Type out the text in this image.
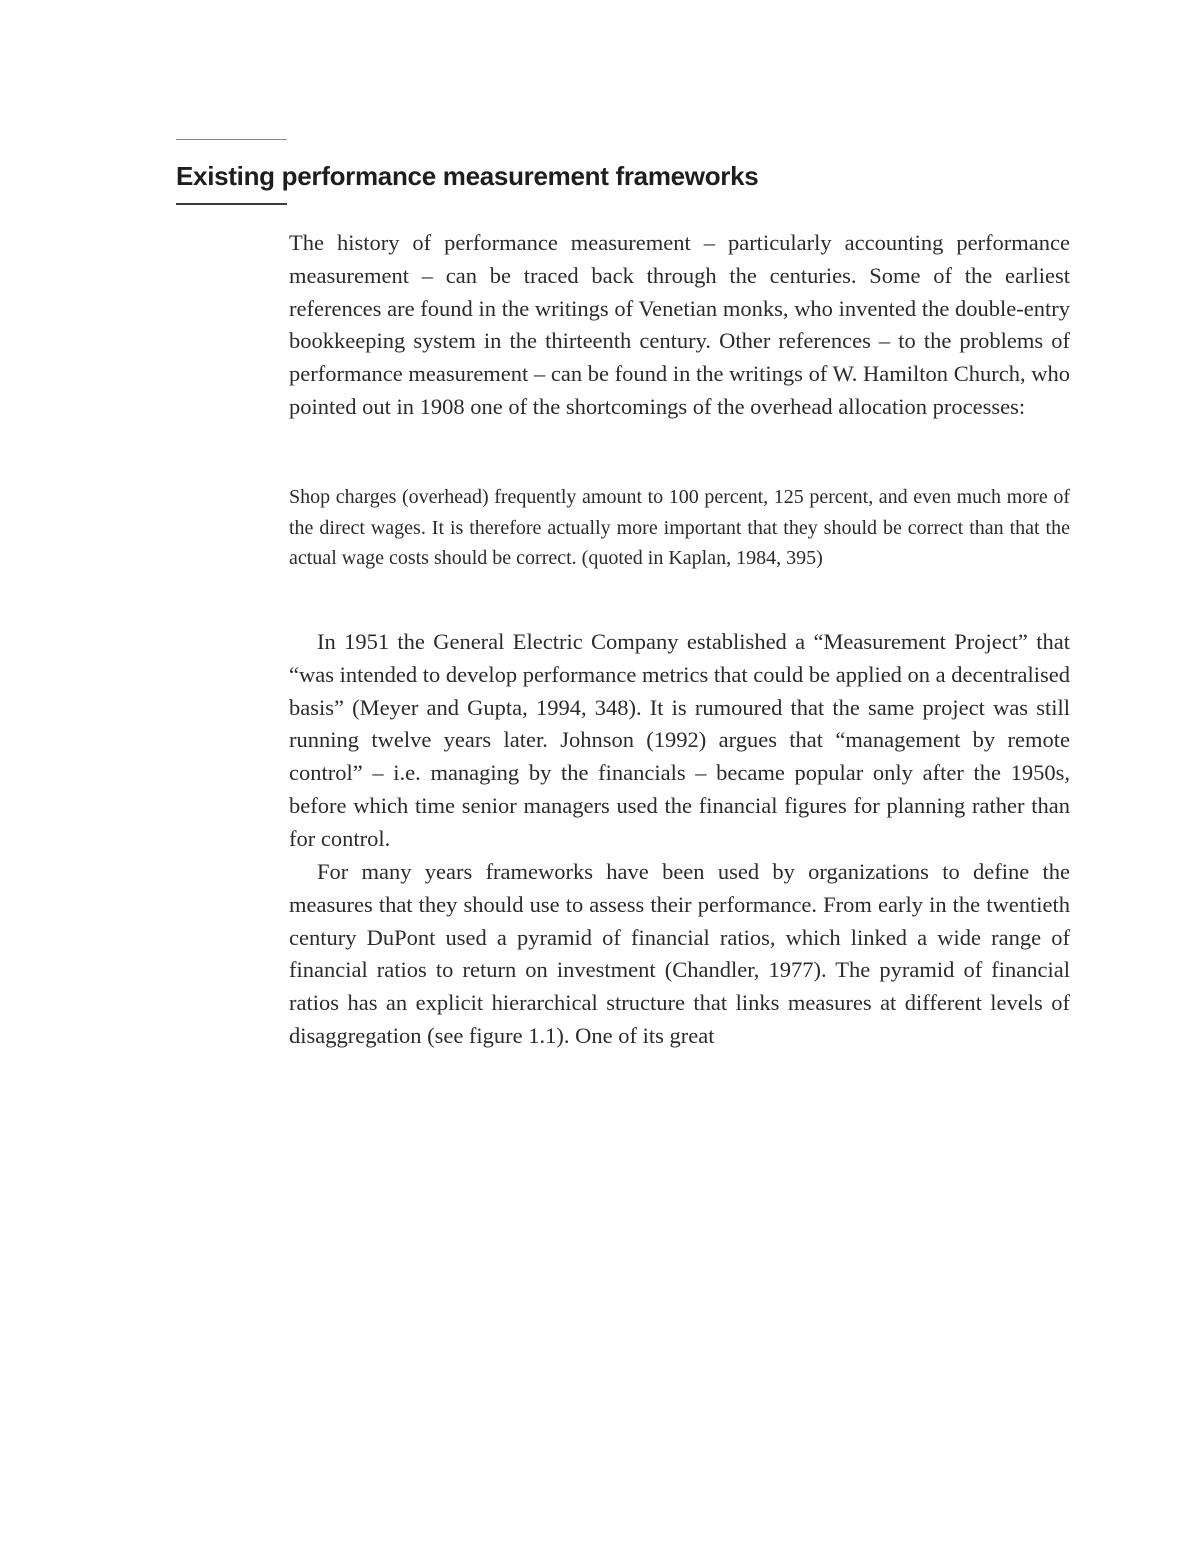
Existing performance measurement frameworks

The history of performance measurement – particularly accounting performance measurement – can be traced back through the centuries. Some of the earliest references are found in the writings of Venetian monks, who invented the double-entry bookkeeping system in the thirteenth century. Other references – to the problems of performance measurement – can be found in the writings of W. Hamilton Church, who pointed out in 1908 one of the shortcomings of the overhead allocation processes:

Shop charges (overhead) frequently amount to 100 percent, 125 percent, and even much more of the direct wages. It is therefore actually more important that they should be correct than that the actual wage costs should be correct. (quoted in Kaplan, 1984, 395)

In 1951 the General Electric Company established a “Measurement Project” that “was intended to develop performance metrics that could be applied on a decentralised basis” (Meyer and Gupta, 1994, 348). It is rumoured that the same project was still running twelve years later. Johnson (1992) argues that “management by remote control” – i.e. managing by the financials – became popular only after the 1950s, before which time senior managers used the financial figures for planning rather than for control.

For many years frameworks have been used by organizations to define the measures that they should use to assess their performance. From early in the twentieth century DuPont used a pyramid of financial ratios, which linked a wide range of financial ratios to return on investment (Chandler, 1977). The pyramid of financial ratios has an explicit hierarchical structure that links measures at different levels of disaggregation (see figure 1.1). One of its great
